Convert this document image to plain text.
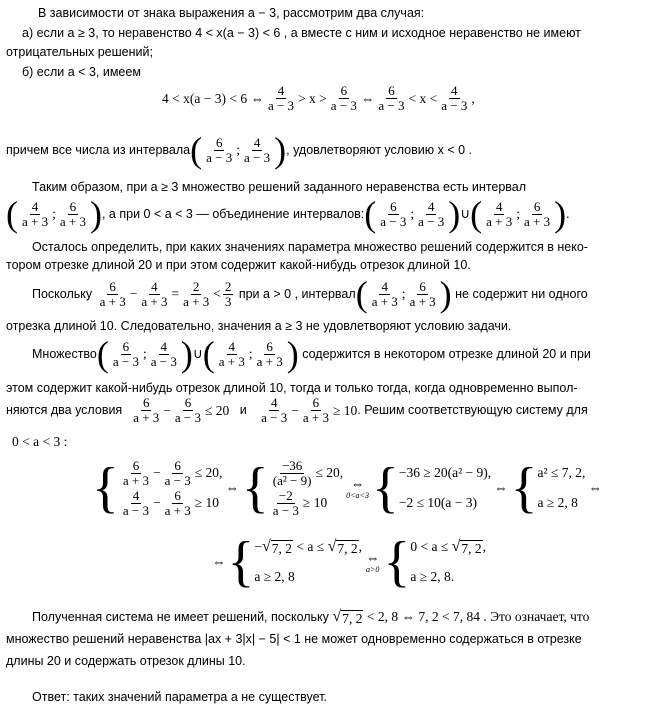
В зависимости от знака выражения a − 3, рассмотрим два случая:
а) если a ≥ 3, то неравенство 4 < x(a − 3) < 6 , а вместе с ним и исходное неравенство не имеют
отрицательных решений;
б) если a < 3, имеем
4 < x(a − 3) < 6 ⇔ $\frac{4}{a - 3} > x > \frac{6}{a - 3}$ ⇔ $\frac{6}{a - 3} < x < \frac{4}{a - 3}$ ,
причем все числа из интервала ( $\frac{6}{a - 3}$ ; $\frac{4}{a - 3}$ ) , удовлетворяют условию x < 0 .
Таким образом, при a ≥ 3 множество решений заданного неравенства есть интервал
( $\frac{4}{a + 3}$ ; $\frac{6}{a + 3}$ ) , а при 0 < a < 3 — объединение интервалов: ( $\frac{6}{a - 3}$ ; $\frac{4}{a - 3}$ ) ∪ ( $\frac{4}{a + 3}$ ; $\frac{6}{a + 3}$ ) .
Осталось определить, при каких значениях параметра множество решений содержится в неко-
тором отрезке длиной 20 и при этом содержит какой-нибудь отрезок длиной 10.
Поскольку
$\frac{6}{a + 3} - \frac{4}{a + 3} = \frac{2}{a + 3} < \frac{2}{3}$
при a > 0 , интервал ( $\frac{4}{a + 3}$ ; $\frac{6}{a + 3}$ )
не содержит ни одного
отрезка длиной 10. Следовательно, значения a ≥ 3 не удовлетворяют условию задачи.
Множество ( $\frac{6}{a - 3}$ ; $\frac{4}{a - 3}$ ) ∪ ( $\frac{4}{a + 3}$ ; $\frac{6}{a + 3}$ )
содержится в некотором отрезке длиной 20 и при
этом содержит какой-нибудь отрезок длиной 10, тогда и только тогда, когда одновременно выпол-
няются два условия
$\frac{6}{a + 3} - \frac{6}{a - 3} \le 20$
и
$\frac{4}{a - 3} - \frac{6}{a + 3} \ge 10$ . Решим соответствующую систему для
0 < a < 3 :
{ $\frac{6}{a + 3} - \frac{6}{a - 3} \le 20$,
$\frac{4}{a - 3} - \frac{6}{a + 3} \ge 10$
⇔ { $\frac{-36}{\text{(a² − 9)}} \le 20$,
$\frac{-2}{a - 3} \ge 10$
⇔
0<a<3 { −36 ≥ 20(a² − 9),
−2 ≤ 10(a − 3)
⇔ { a² ≤ 7, 2,
a ≥ 2, 8
⇔
⇔ { − √ 7, 2
< a ≤
√ 7, 2 ,
a ≥ 2, 8
⇔
a>0 { 0 < a ≤
√ 7, 2 ,
a ≥ 2, 8.
Полученная система не имеет решений, поскольку
√ 7, 2
< 2, 8 ⇔ 7, 2 < 7, 84 . Это означает, что
множество решений неравенства |ax + 3|x| − 5| < 1 не может одновременно содержаться в отрезке
длины 20 и содержать отрезок длины 10.
Ответ: таких значений параметра a не существует.
